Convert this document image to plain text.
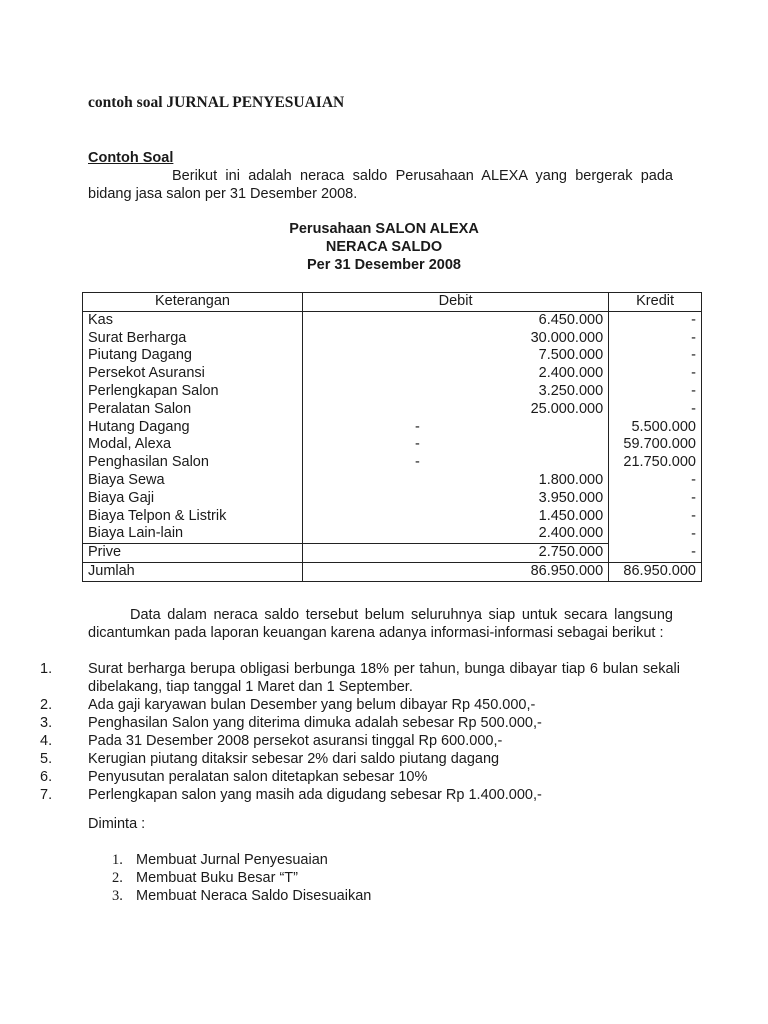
contoh soal JURNAL PENYESUAIAN
Contoh Soal
Berikut ini adalah neraca saldo Perusahaan ALEXA yang bergerak pada bidang jasa salon per 31 Desember 2008.
Perusahaan SALON ALEXA
NERACA SALDO
Per 31 Desember 2008
Keterangan	Debit	Kredit
Kas	6.450.000	-
Surat Berharga	30.000.000	-
Piutang Dagang	7.500.000	-
Persekot Asuransi	2.400.000	-
Perlengkapan Salon	3.250.000	-
Peralatan Salon	25.000.000	-
Hutang Dagang	-	5.500.000
Modal, Alexa	-	59.700.000
Penghasilan Salon	-	21.750.000
Biaya Sewa	1.800.000	-
Biaya Gaji	3.950.000	-
Biaya Telpon & Listrik	1.450.000	-
Biaya Lain-lain	2.400.000	-
Prive	2.750.000	-
Jumlah	86.950.000	86.950.000
Data dalam neraca saldo tersebut belum seluruhnya siap untuk secara langsung dicantumkan pada laporan keuangan karena adanya informasi-informasi sebagai berikut :
1. Surat berharga berupa obligasi berbunga 18% per tahun, bunga dibayar tiap 6 bulan sekali dibelakang, tiap tanggal 1 Maret dan 1 September.
2. Ada gaji karyawan bulan Desember yang belum dibayar Rp 450.000,-
3. Penghasilan Salon yang diterima dimuka adalah sebesar Rp 500.000,-
4. Pada 31 Desember 2008 persekot asuransi tinggal Rp 600.000,-
5. Kerugian piutang ditaksir sebesar 2% dari saldo piutang dagang
6. Penyusutan peralatan salon ditetapkan sebesar 10%
7. Perlengkapan salon yang masih ada digudang sebesar Rp 1.400.000,-
Diminta :
1. Membuat Jurnal Penyesuaian
2. Membuat Buku Besar “T”
3. Membuat Neraca Saldo Disesuaikan
